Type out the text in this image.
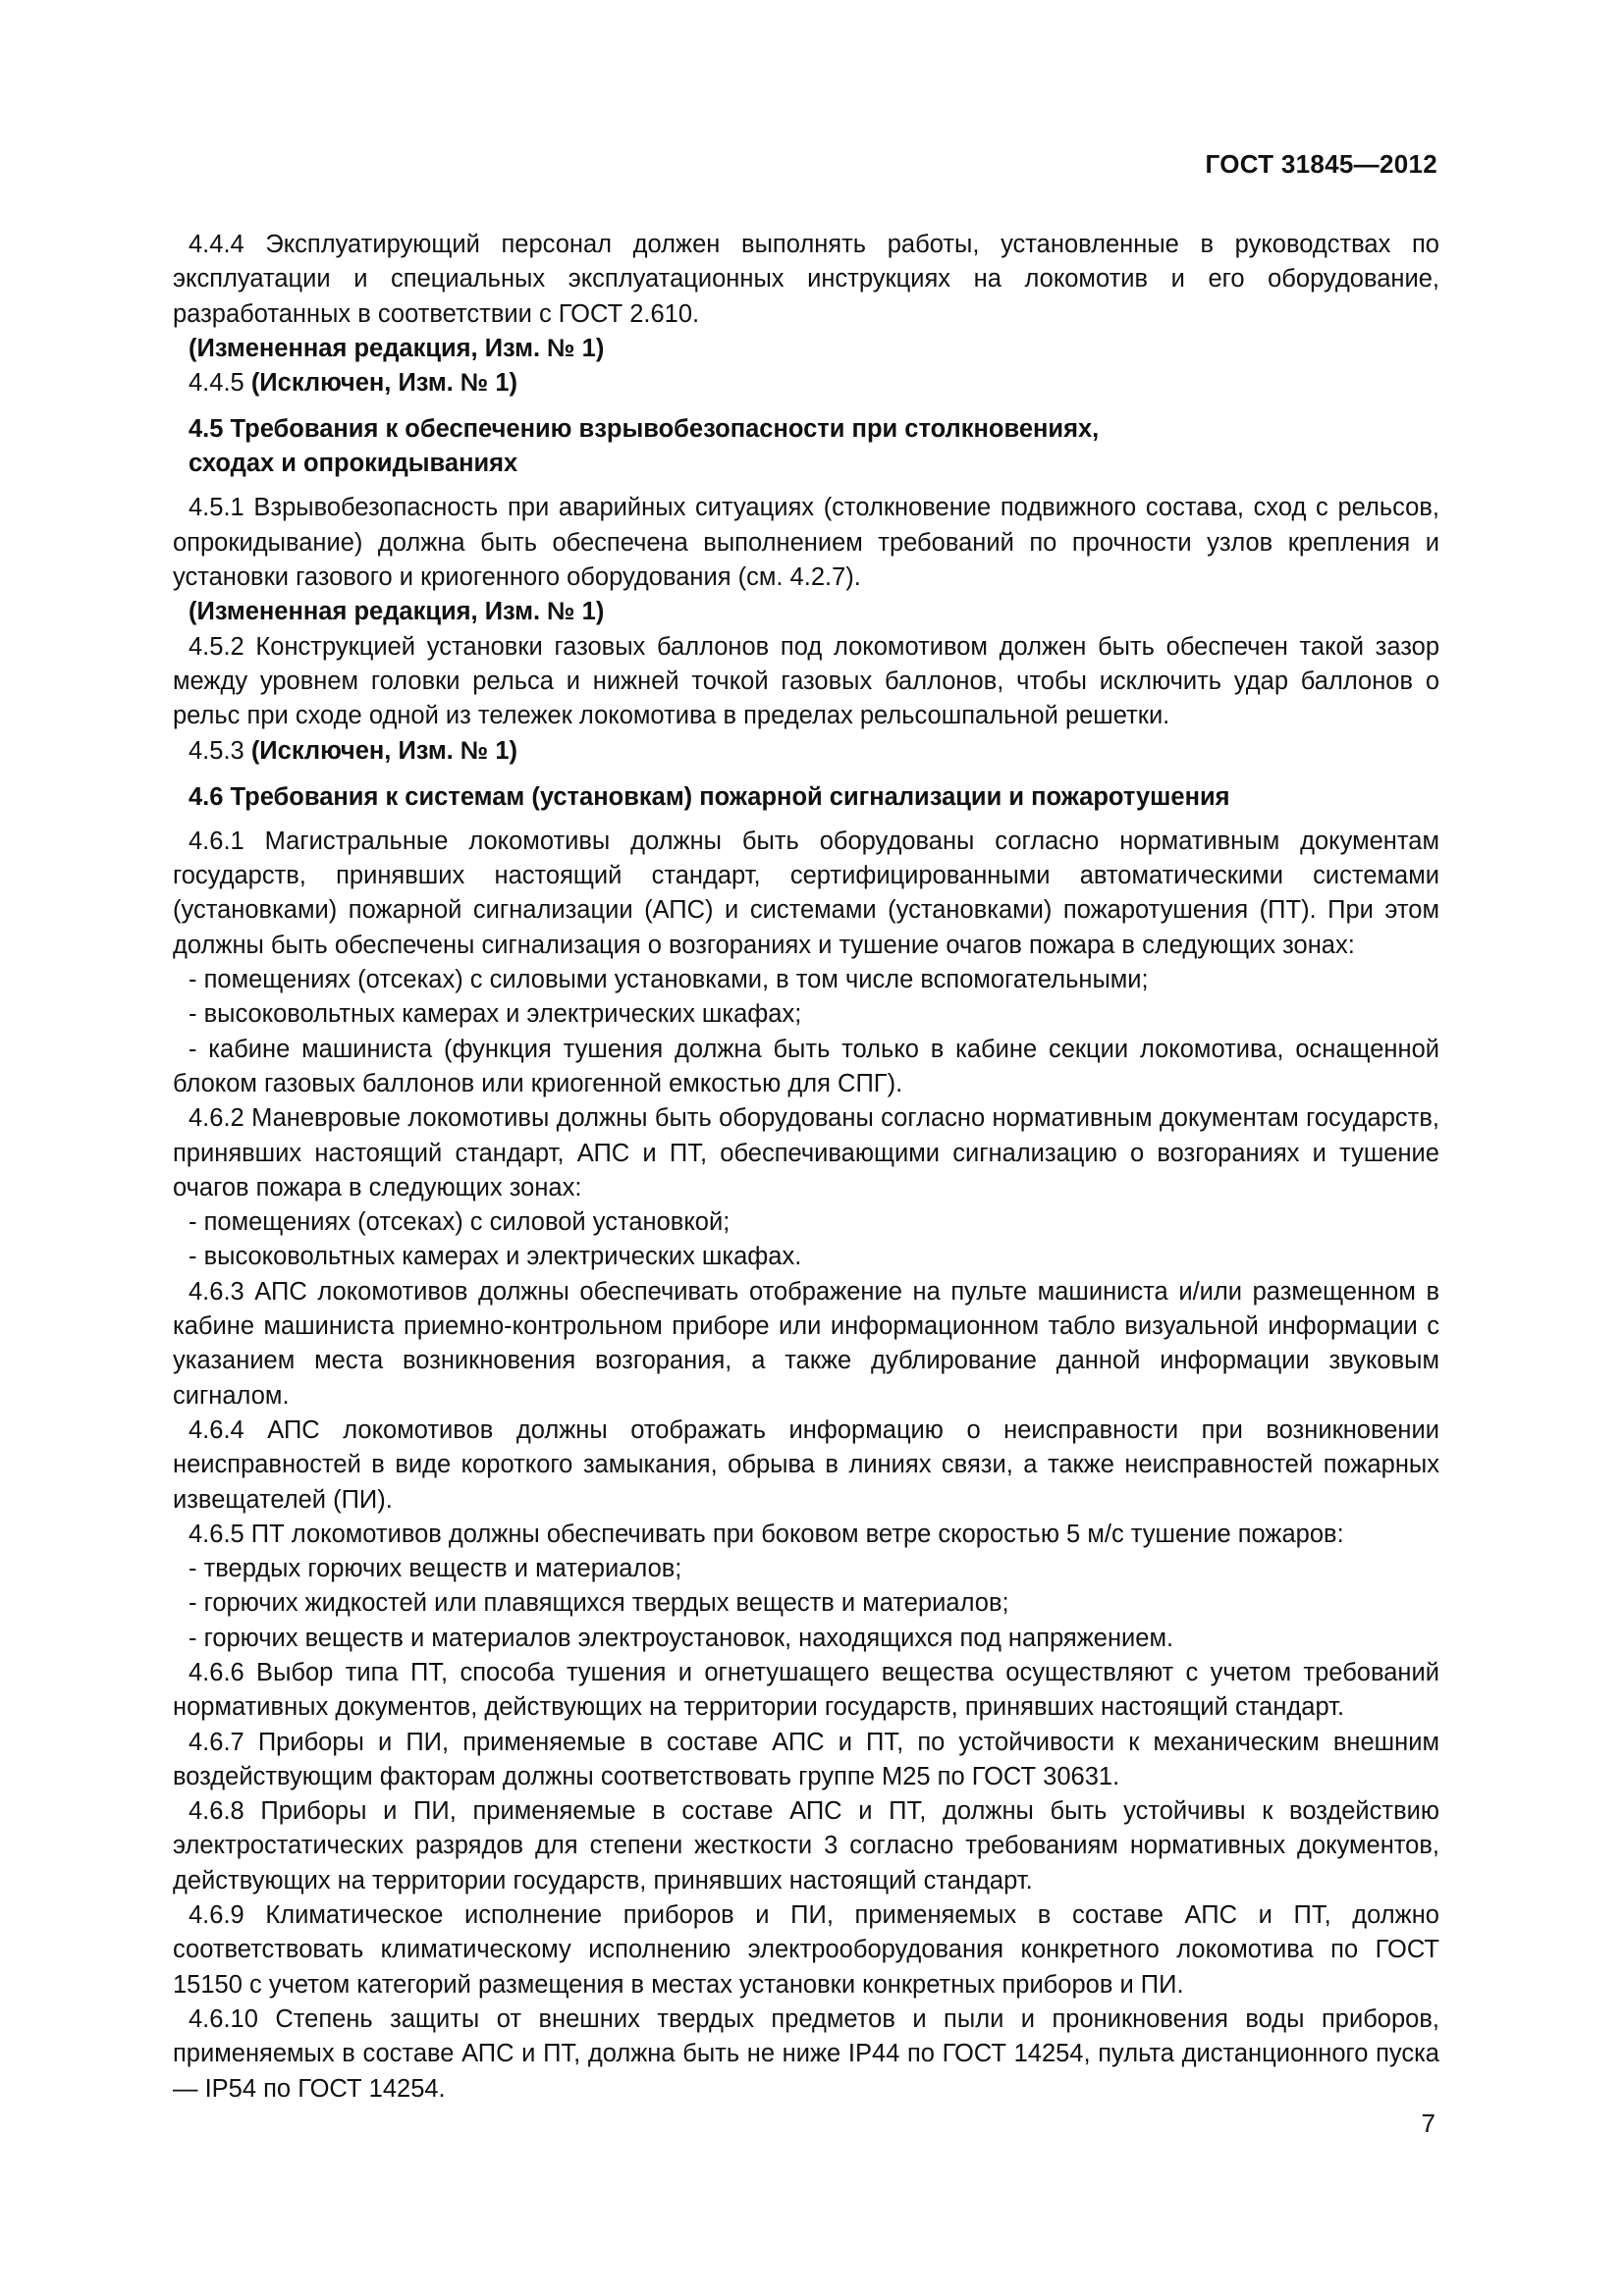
ГОСТ 31845—2012

4.4.4 Эксплуатирующий персонал должен выполнять работы, установленные в руководствах по эксплуатации и специальных эксплуатационных инструкциях на локомотив и его оборудование, разработанных в соответствии с ГОСТ 2.610.

(Измененная редакция, Изм. № 1)

4.4.5 (Исключен, Изм. № 1)

4.5 Требования к обеспечению взрывобезопасности при столкновениях,
сходах и опрокидываниях

4.5.1 Взрывобезопасность при аварийных ситуациях (столкновение подвижного состава, сход с рельсов, опрокидывание) должна быть обеспечена выполнением требований по прочности узлов крепления и установки газового и криогенного оборудования (см. 4.2.7).

(Измененная редакция, Изм. № 1)

4.5.2 Конструкцией установки газовых баллонов под локомотивом должен быть обеспечен такой зазор между уровнем головки рельса и нижней точкой газовых баллонов, чтобы исключить удар баллонов о рельс при сходе одной из тележек локомотива в пределах рельсошпальной решетки.

4.5.3 (Исключен, Изм. № 1)

4.6 Требования к системам (установкам) пожарной сигнализации и пожаротушения

4.6.1 Магистральные локомотивы должны быть оборудованы согласно нормативным документам государств, принявших настоящий стандарт, сертифицированными автоматическими системами (установками) пожарной сигнализации (АПС) и системами (установками) пожаротушения (ПТ). При этом должны быть обеспечены сигнализация о возгораниях и тушение очагов пожара в следующих зонах:

- помещениях (отсеках) с силовыми установками, в том числе вспомогательными;

- высоковольтных камерах и электрических шкафах;

- кабине машиниста (функция тушения должна быть только в кабине секции локомотива, оснащенной блоком газовых баллонов или криогенной емкостью для СПГ).

4.6.2 Маневровые локомотивы должны быть оборудованы согласно нормативным документам государств, принявших настоящий стандарт, АПС и ПТ, обеспечивающими сигнализацию о возгораниях и тушение очагов пожара в следующих зонах:

- помещениях (отсеках) с силовой установкой;

- высоковольтных камерах и электрических шкафах.

4.6.3 АПС локомотивов должны обеспечивать отображение на пульте машиниста и/или размещенном в кабине машиниста приемно-контрольном приборе или информационном табло визуальной информации с указанием места возникновения возгорания, а также дублирование данной информации звуковым сигналом.

4.6.4 АПС локомотивов должны отображать информацию о неисправности при возникновении неисправностей в виде короткого замыкания, обрыва в линиях связи, а также неисправностей пожарных извещателей (ПИ).

4.6.5 ПТ локомотивов должны обеспечивать при боковом ветре скоростью 5 м/с тушение пожаров:

- твердых горючих веществ и материалов;

- горючих жидкостей или плавящихся твердых веществ и материалов;

- горючих веществ и материалов электроустановок, находящихся под напряжением.

4.6.6 Выбор типа ПТ, способа тушения и огнетушащего вещества осуществляют с учетом требований нормативных документов, действующих на территории государств, принявших настоящий стандарт.

4.6.7 Приборы и ПИ, применяемые в составе АПС и ПТ, по устойчивости к механическим внешним воздействующим факторам должны соответствовать группе М25 по ГОСТ 30631.

4.6.8 Приборы и ПИ, применяемые в составе АПС и ПТ, должны быть устойчивы к воздействию электростатических разрядов для степени жесткости 3 согласно требованиям нормативных документов, действующих на территории государств, принявших настоящий стандарт.

4.6.9 Климатическое исполнение приборов и ПИ, применяемых в составе АПС и ПТ, должно соответствовать климатическому исполнению электрооборудования конкретного локомотива по ГОСТ 15150 с учетом категорий размещения в местах установки конкретных приборов и ПИ.

4.6.10 Степень защиты от внешних твердых предметов и пыли и проникновения воды приборов, применяемых в составе АПС и ПТ, должна быть не ниже IP44 по ГОСТ 14254, пульта дистанционного пуска — IP54 по ГОСТ 14254.

7
